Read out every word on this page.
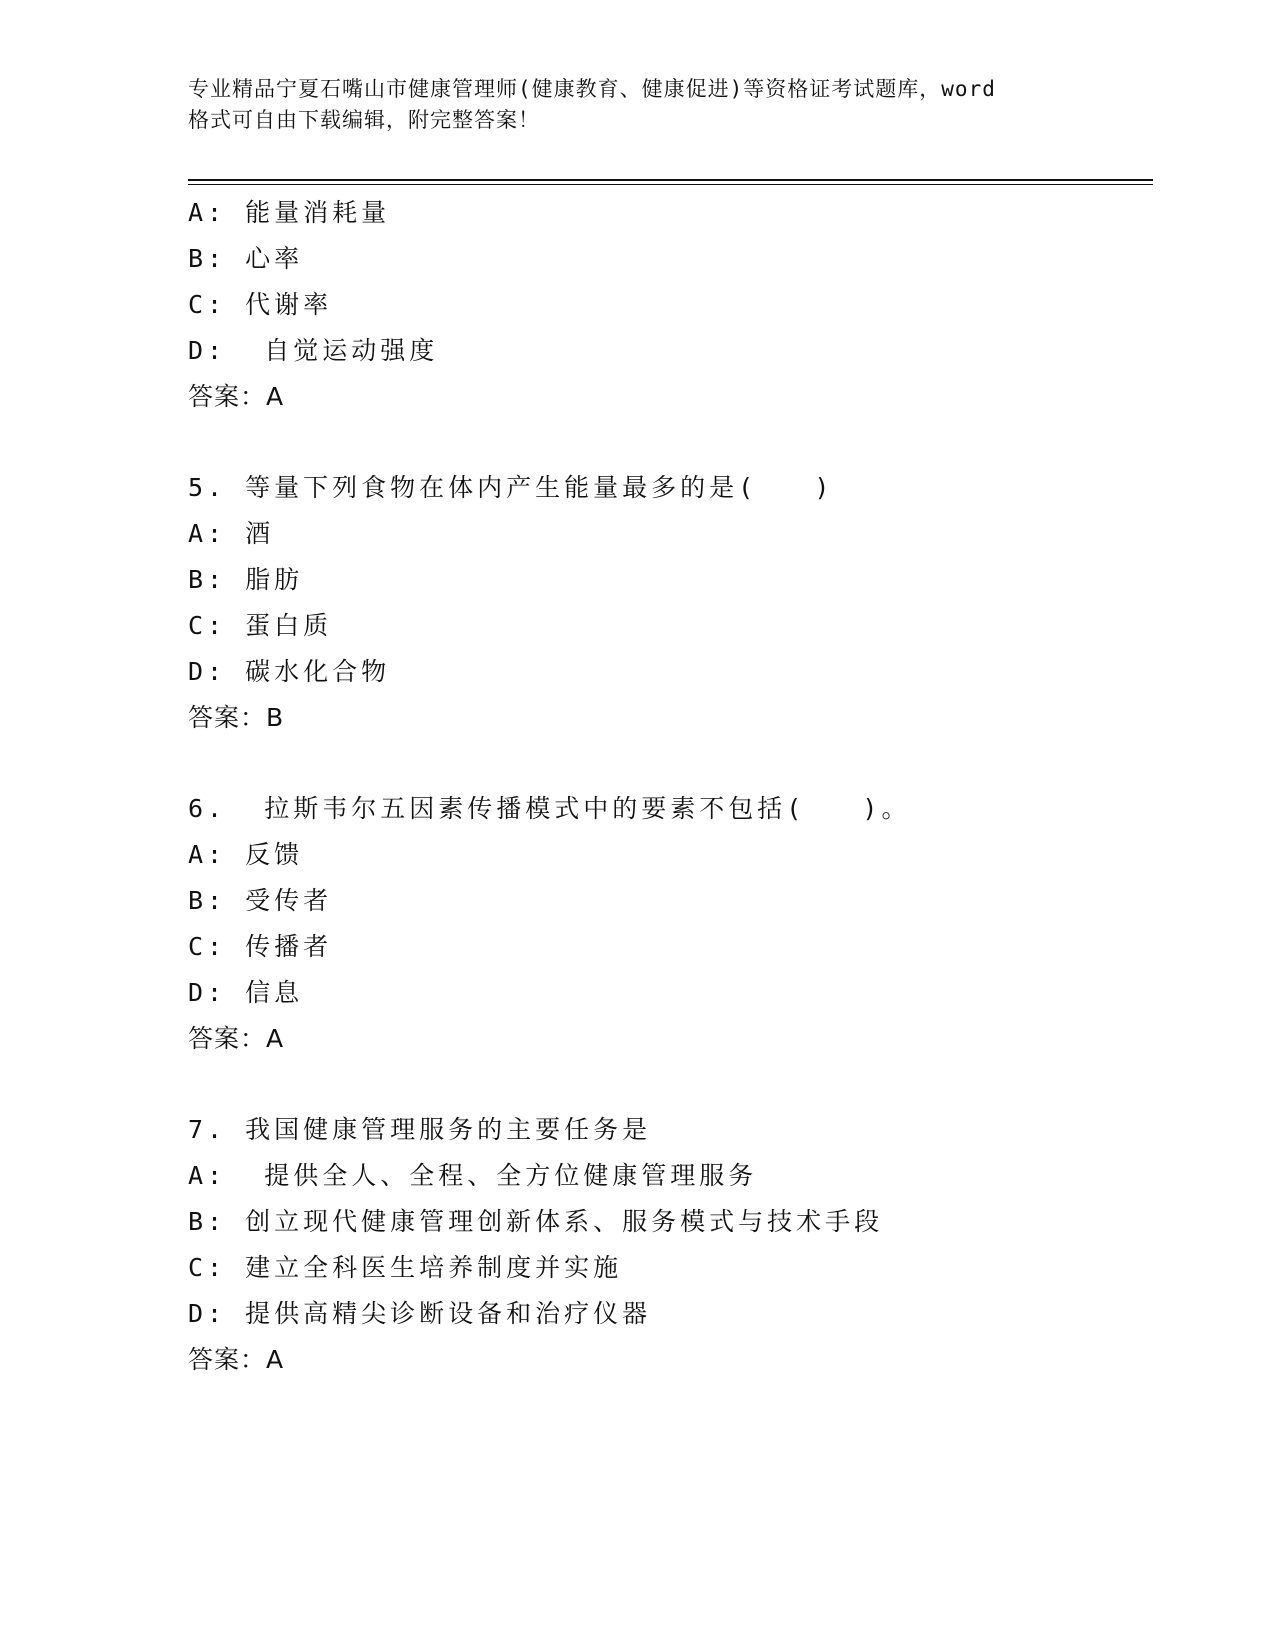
专业精品宁夏石嘴山市健康管理师(健康教育、健康促进)等资格证考试题库，word
格式可自由下载编辑，附完整答案！
A: 能量消耗量
B: 心率
C: 代谢率
D:  自觉运动强度
答案：A
5. 等量下列食物在体内产生能量最多的是(   )
A: 酒
B: 脂肪
C: 蛋白质
D: 碳水化合物
答案：B
6.  拉斯韦尔五因素传播模式中的要素不包括(   )。
A: 反馈
B: 受传者
C: 传播者
D: 信息
答案：A
7. 我国健康管理服务的主要任务是
A:  提供全人、全程、全方位健康管理服务
B: 创立现代健康管理创新体系、服务模式与技术手段
C: 建立全科医生培养制度并实施
D: 提供高精尖诊断设备和治疗仪器
答案：A
